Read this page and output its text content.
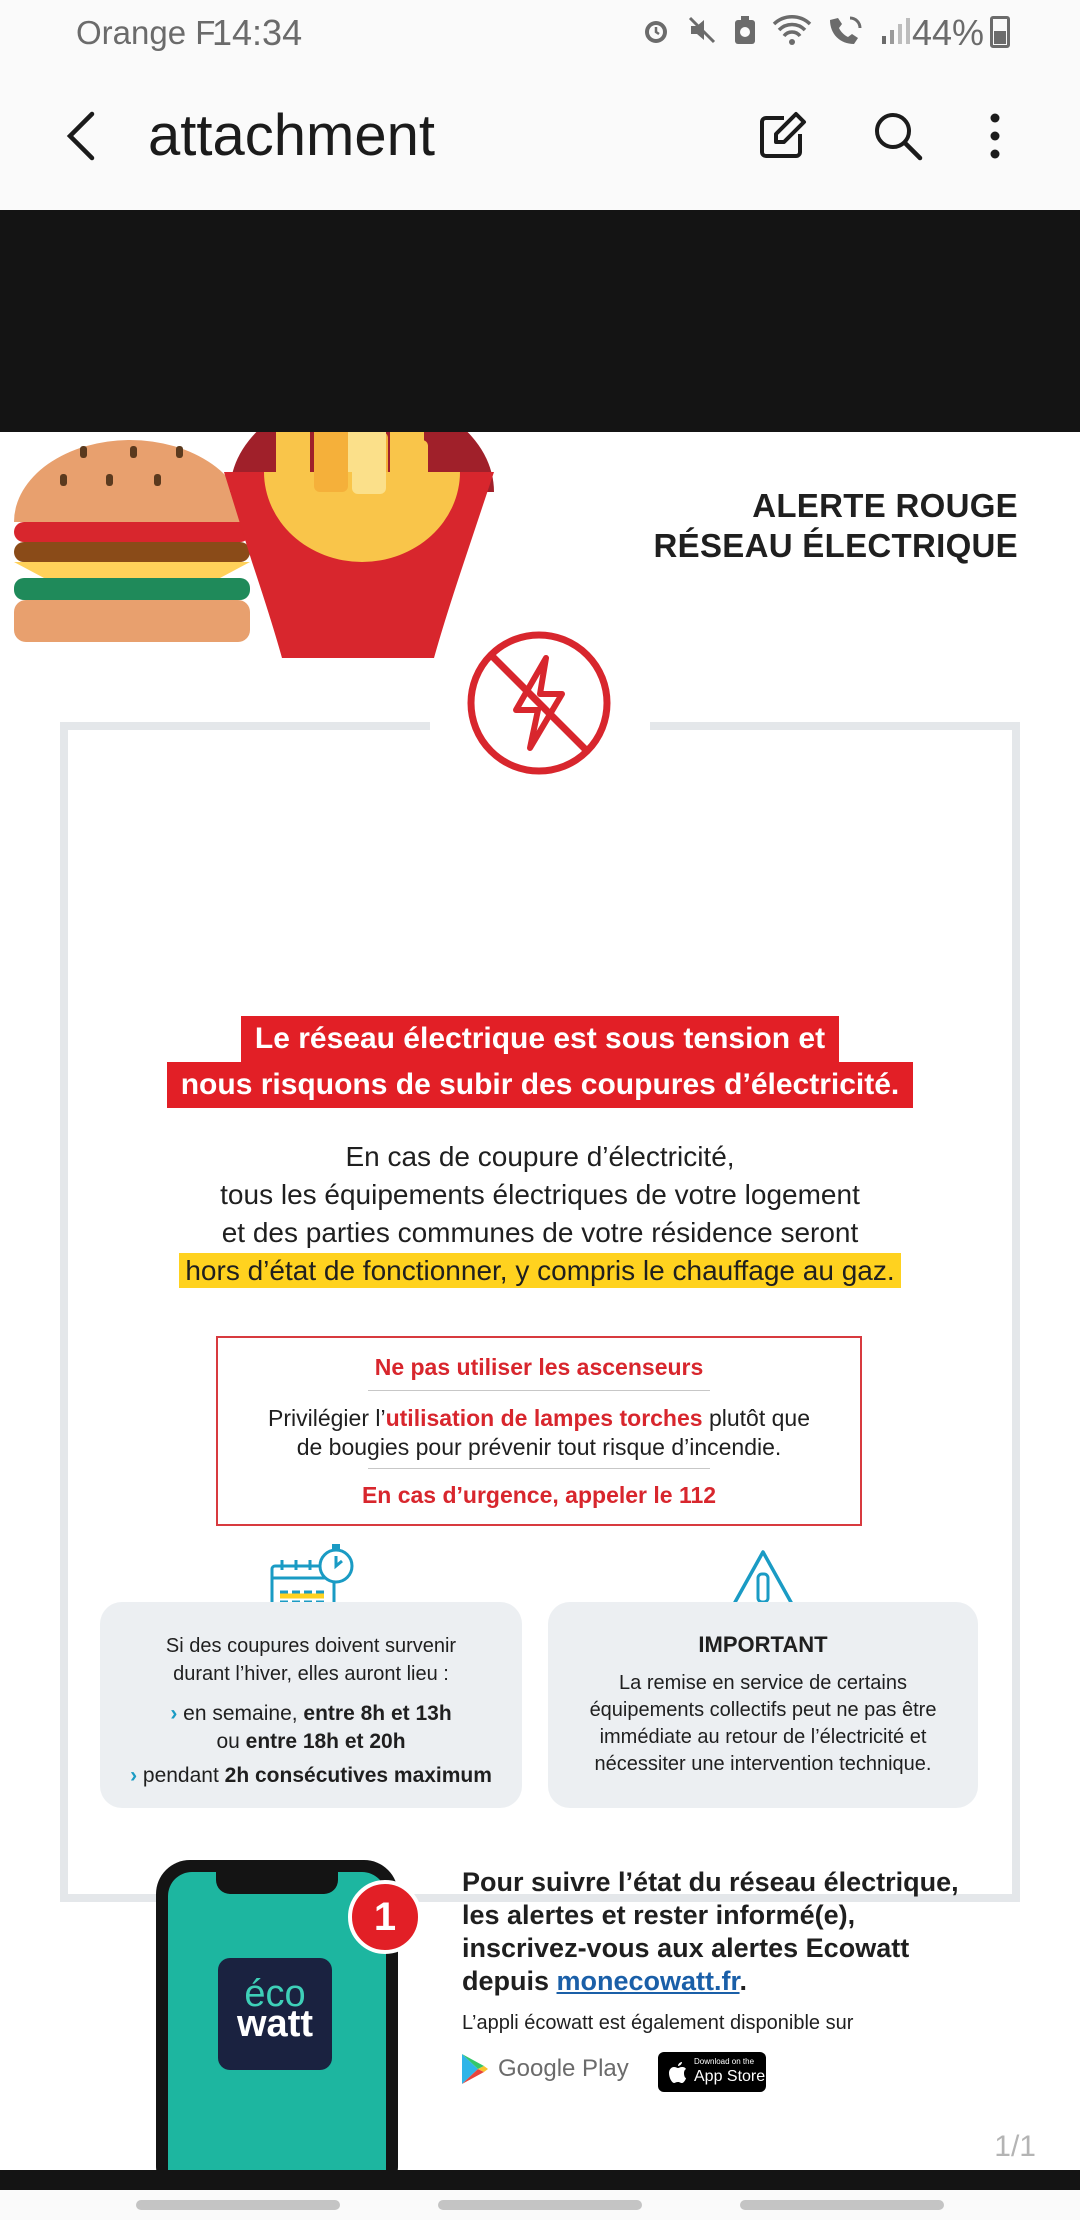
Orange F
14:34	44%
attachment
ALERTE ROUGE
RÉSEAU ÉLECTRIQUE
Le réseau électrique est sous tension et
nous risquons de subir des coupures d’électricité.
En cas de coupure d’électricité,
tous les équipements électriques de votre logement
et des parties communes de votre résidence seront
hors d’état de fonctionner, y compris le chauffage au gaz.
Ne pas utiliser les ascenseurs
Privilégier l’utilisation de lampes torches plutôt que
de bougies pour prévenir tout risque d’incendie.
En cas d’urgence, appeler le 112
Si des coupures doivent survenir
durant l’hiver, elles auront lieu :
› en semaine, entre 8h et 13h
ou entre 18h et 20h
› pendant 2h consécutives maximum
IMPORTANT
La remise en service de certains
équipements collectifs peut ne pas être
immédiate au retour de l’électricité et
nécessiter une intervention technique.
éco
watt
1
Pour suivre l’état du réseau électrique,
les alertes et rester informé(e),
inscrivez-vous aux alertes Ecowatt
depuis monecowatt.fr.
L’appli écowatt est également disponible sur
Google Play	Download on the
App Store
1/1
